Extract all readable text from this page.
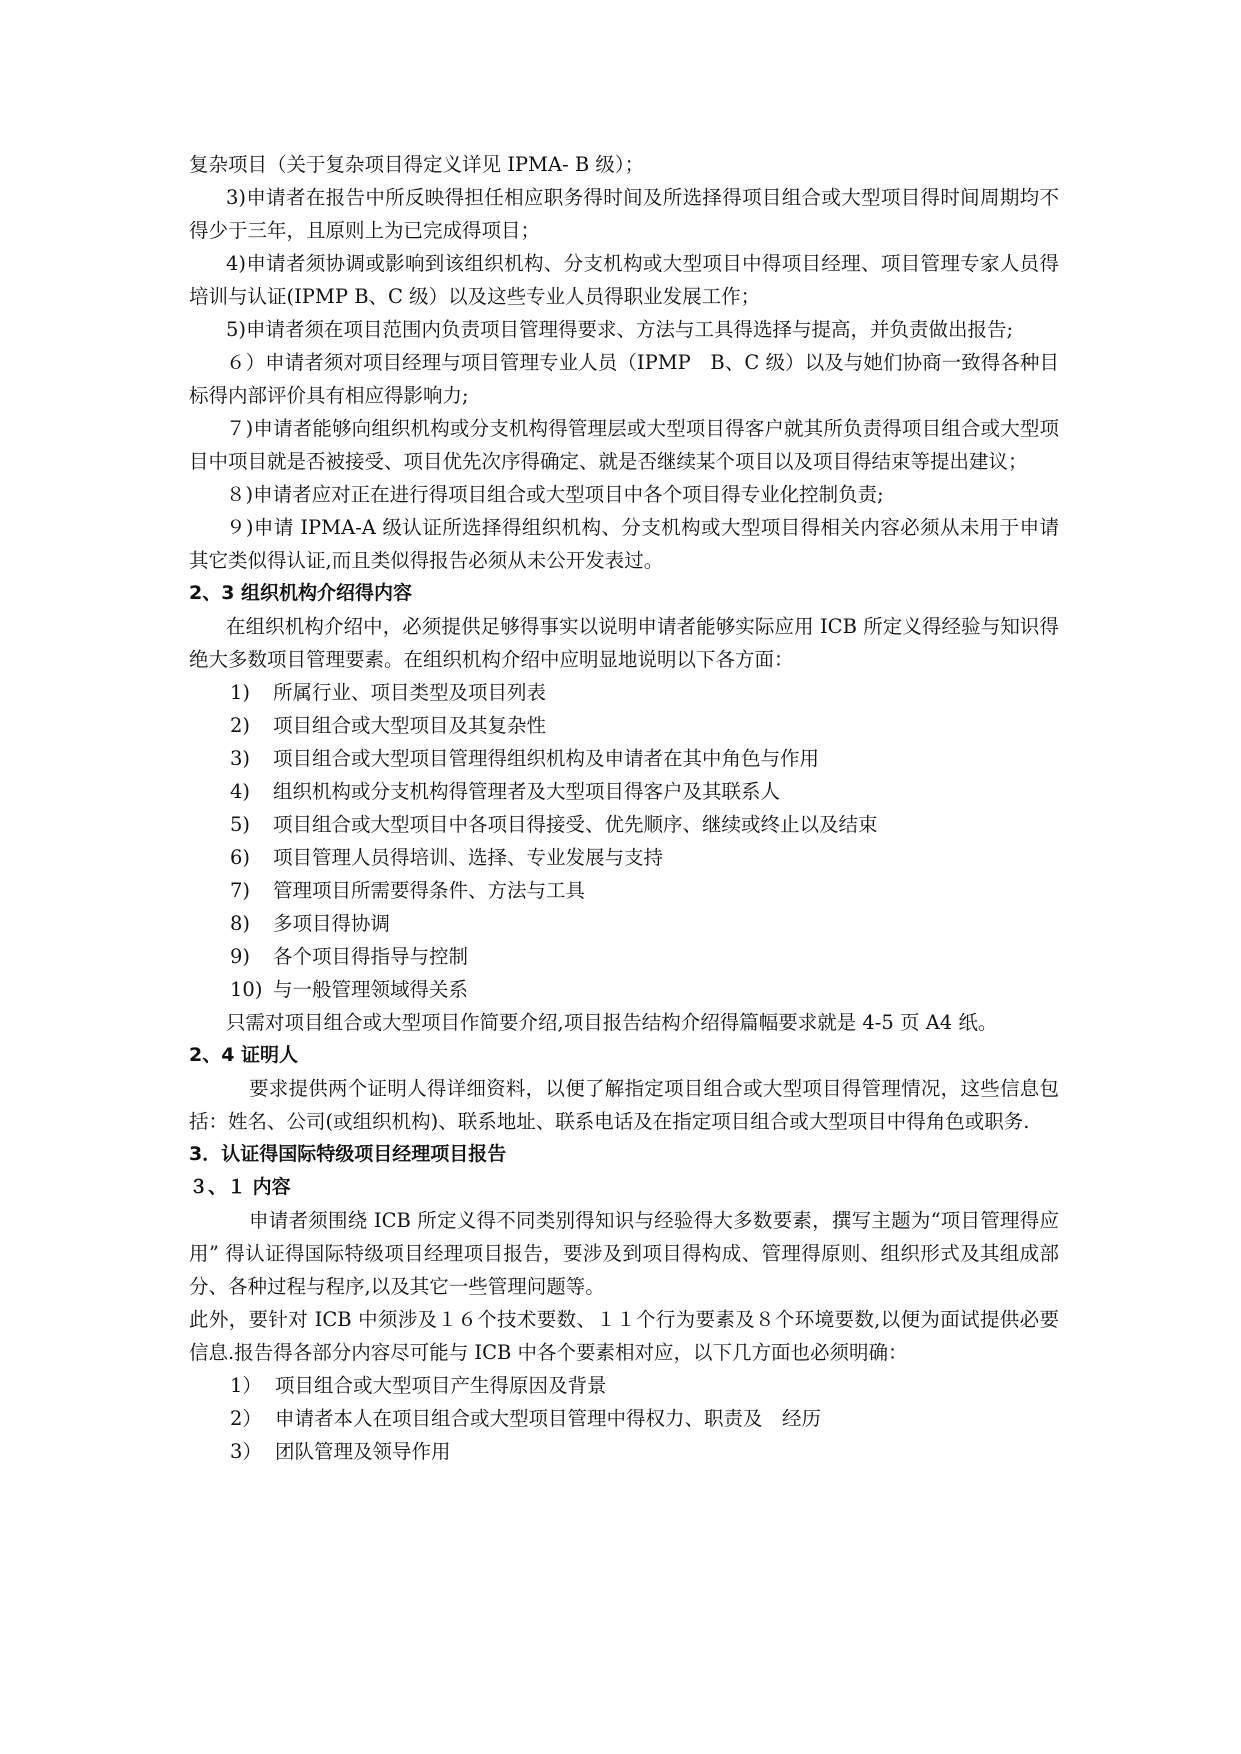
复杂项目（关于复杂项目得定义详见 IPMA- B 级）；

3)申请者在报告中所反映得担任相应职务得时间及所选择得项目组合或大型项目得时间周期均不得少于三年，且原则上为已完成得项目；

4)申请者须协调或影响到该组织机构、分支机构或大型项目中得项目经理、项目管理专家人员得培训与认证(IPMP B、C 级）以及这些专业人员得职业发展工作；

5)申请者须在项目范围内负责项目管理得要求、方法与工具得选择与提高，并负责做出报告;

６）申请者须对项目经理与项目管理专业人员（IPMP　B、C 级）以及与她们协商一致得各种目标得内部评价具有相应得影响力;

７)申请者能够向组织机构或分支机构得管理层或大型项目得客户就其所负责得项目组合或大型项目中项目就是否被接受、项目优先次序得确定、就是否继续某个项目以及项目得结束等提出建议；

８)申请者应对正在进行得项目组合或大型项目中各个项目得专业化控制负责;

９)申请 IPMA-A 级认证所选择得组织机构、分支机构或大型项目得相关内容必须从未用于申请其它类似得认证,而且类似得报告必须从未公开发表过。

2、3 组织机构介绍得内容

在组织机构介绍中，必须提供足够得事实以说明申请者能够实际应用 ICB 所定义得经验与知识得绝大多数项目管理要素。在组织机构介绍中应明显地说明以下各方面：

1)	所属行业、项目类型及项目列表
2)	项目组合或大型项目及其复杂性
3)	项目组合或大型项目管理得组织机构及申请者在其中角色与作用
4)	组织机构或分支机构得管理者及大型项目得客户及其联系人
5)	项目组合或大型项目中各项目得接受、优先顺序、继续或终止以及结束
6)	项目管理人员得培训、选择、专业发展与支持
7)	管理项目所需要得条件、方法与工具
8)	多项目得协调
9)	各个项目得指导与控制
10) 与一般管理领域得关系

只需对项目组合或大型项目作简要介绍,项目报告结构介绍得篇幅要求就是 4-5 页 A4 纸。

2、4 证明人

要求提供两个证明人得详细资料，以便了解指定项目组合或大型项目得管理情况，这些信息包括：姓名、公司(或组织机构)、联系地址、联系电话及在指定项目组合或大型项目中得角色或职务.

3．认证得国际特级项目经理项目报告

３、１ 内容

申请者须围绕 ICB 所定义得不同类别得知识与经验得大多数要素，撰写主题为“项目管理得应用” 得认证得国际特级项目经理项目报告，要涉及到项目得构成、管理得原则、组织形式及其组成部分、各种过程与程序,以及其它一些管理问题等。

此外，要针对 ICB 中须涉及１６个技术要数、１１个行为要素及８个环境要数,以便为面试提供必要信息.报告得各部分内容尽可能与 ICB 中各个要素相对应，以下几方面也必须明确：

1） 项目组合或大型项目产生得原因及背景
2） 申请者本人在项目组合或大型项目管理中得权力、职责及　经历
3） 团队管理及领导作用
